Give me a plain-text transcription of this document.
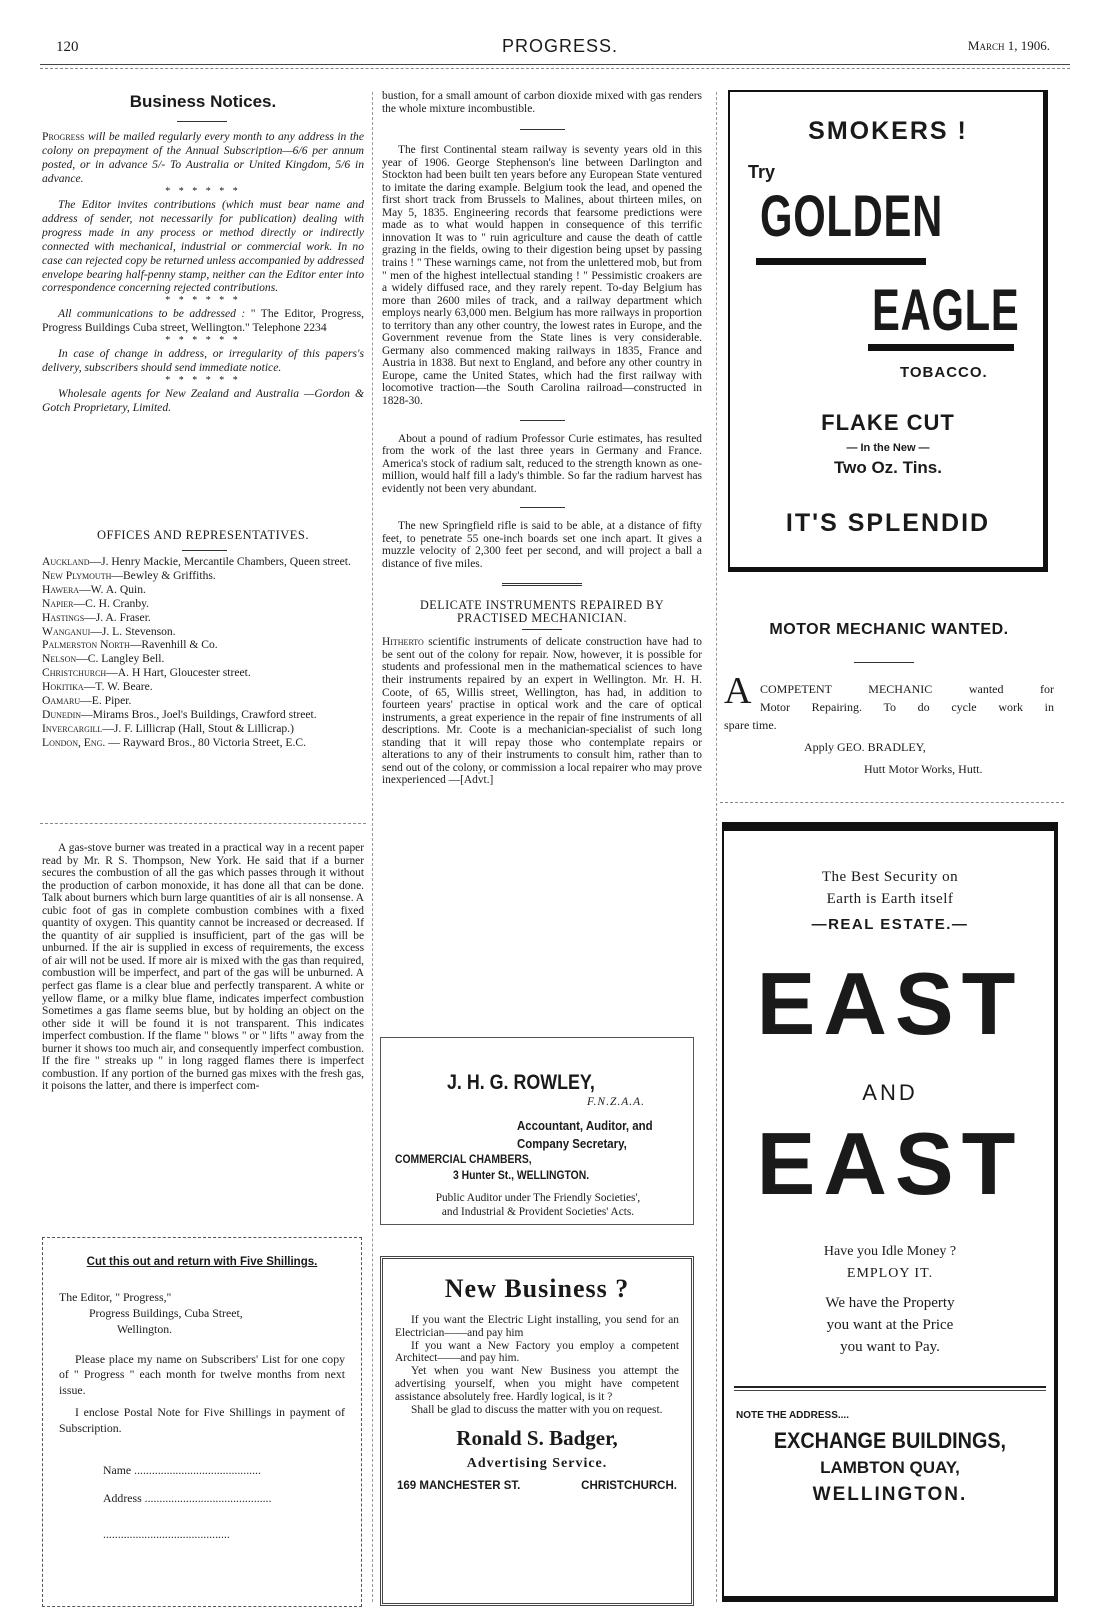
120	PROGRESS.	March 1, 1906.
Business Notices.

Progress will be mailed regularly every month to any address in the colony on prepayment of the Annual Subscription—6/6 per annum posted, or in advance 5/- To Australia or United Kingdom, 5/6 in advance.

* * * * * *

The Editor invites contributions (which must bear name and address of sender, not necessarily for publication) dealing with progress made in any process or method directly or indirectly connected with mechanical, industrial or commercial work. In no case can rejected copy be returned unless accompanied by addressed envelope bearing half-penny stamp, neither can the Editor enter into correspondence concerning rejected contributions.

* * * * * *

All communications to be addressed : " The Editor, Progress, Progress Buildings Cuba street, Wellington." Telephone 2234

* * * * * *

In case of change in address, or irregularity of this papers's delivery, subscribers should send immediate notice.

* * * * * *

Wholesale agents for New Zealand and Australia —Gordon & Gotch Proprietary, Limited.

OFFICES AND REPRESENTATIVES.
Auckland—J. Henry Mackie, Mercantile Chambers, Queen street.
New Plymouth—Bewley & Griffiths.
Hawera—W. A. Quin.
Napier—C. H. Cranby.
Hastings—J. A. Fraser.
Wanganui—J. L. Stevenson.
Palmerston North—Ravenhill & Co.
Nelson—C. Langley Bell.
Christchurch—A. H Hart, Gloucester street.
Hokitika—T. W. Beare.
Oamaru—E. Piper.
Dunedin—Mirams Bros., Joel's Buildings, Crawford street.
Invercargill—J. F. Lillicrap (Hall, Stout & Lillicrap.)
London, Eng. — Rayward Bros., 80 Victoria Street, E.C.

A gas-stove burner was treated in a practical way in a recent paper read by Mr. R S. Thompson, New York. He said that if a burner secures the combustion of all the gas which passes through it without the production of carbon monoxide, it has done all that can be done. Talk about burners which burn large quantities of air is all nonsense. A cubic foot of gas in complete combustion combines with a fixed quantity of oxygen. This quantity cannot be increased or decreased. If the quantity of air supplied is insufficient, part of the gas will be unburned. If the air is supplied in excess of requirements, the excess of air will not be used. If more air is mixed with the gas than required, combustion will be imperfect, and part of the gas will be unburned. A perfect gas flame is a clear blue and perfectly transparent. A white or yellow flame, or a milky blue flame, indicates imperfect combustion Sometimes a gas flame seems blue, but by holding an object on the other side it will be found it is not transparent. This indicates imperfect combustion. If the flame " blows " or " lifts " away from the burner it shows too much air, and consequently imperfect combustion. If the fire " streaks up " in long ragged flames there is imperfect combustion. If any portion of the burned gas mixes with the fresh gas, it poisons the latter, and there is imperfect com-

Cut this out and return with Five Shillings.
The Editor, " Progress,"
Progress Buildings, Cuba Street,
Wellington.

Please place my name on Subscribers' List for one copy of " Progress " each month for twelve months from next issue.

I enclose Postal Note for Five Shillings in payment of Subscription.

Name ...........................................
Address ...........................................
...........................................

bustion, for a small amount of carbon dioxide mixed with gas renders the whole mixture incombustible.

The first Continental steam railway is seventy years old in this year of 1906. George Stephenson's line between Darlington and Stockton had been built ten years before any European State ventured to imitate the daring example. Belgium took the lead, and opened the first short track from Brussels to Malines, about thirteen miles, on May 5, 1835. Engineering records that fearsome predictions were made as to what would happen in consequence of this terrific innovation It was to " ruin agriculture and cause the death of cattle grazing in the fields, owing to their digestion being upset by passing trains ! " These warnings came, not from the unlettered mob, but from " men of the highest intellectual standing ! " Pessimistic croakers are a widely diffused race, and they rarely repent. To-day Belgium has more than 2600 miles of track, and a railway department which employs nearly 63,000 men. Belgium has more railways in proportion to territory than any other country, the lowest rates in Europe, and the Government revenue from the State lines is very considerable. Germany also commenced making railways in 1835, France and Austria in 1838. But next to England, and before any other country in Europe, came the United States, which had the first railway with locomotive traction—the South Carolina railroad—constructed in 1828-30.

About a pound of radium Professor Curie estimates, has resulted from the work of the last three years in Germany and France. America's stock of radium salt, reduced to the strength known as one-million, would half fill a lady's thimble. So far the radium harvest has evidently not been very abundant.

The new Springfield rifle is said to be able, at a distance of fifty feet, to penetrate 55 one-inch boards set one inch apart. It gives a muzzle velocity of 2,300 feet per second, and will project a ball a distance of five miles.

DELICATE INSTRUMENTS REPAIRED BY PRACTISED MECHANICIAN.

Hitherto scientific instruments of delicate construction have had to be sent out of the colony for repair. Now, however, it is possible for students and professional men in the mathematical sciences to have their instruments repaired by an expert in Wellington. Mr. H. H. Coote, of 65, Willis street, Wellington, has had, in addition to fourteen years' practise in optical work and the care of optical instruments, a great experience in the repair of fine instruments of all descriptions. Mr. Coote is a mechanician-specialist of such long standing that it will repay those who contemplate repairs or alterations to any of their instruments to consult him, rather than to send out of the colony, or commission a local repairer who may prove inexperienced —[Advt.]

J. H. G. ROWLEY,
F.N.Z.A.A.
Accountant, Auditor, and
Company Secretary,
COMMERCIAL CHAMBERS,
3 Hunter St., WELLINGTON.
Public Auditor under The Friendly Societies',
and Industrial & Provident Societies' Acts.
New Business ?

If you want the Electric Light installing, you send for an Electrician——and pay him

If you want a New Factory you employ a competent Architect——and pay him.

Yet when you want New Business you attempt the advertising yourself, when you might have competent assistance absolutely free. Hardly logical, is it ?

Shall be glad to discuss the matter with you on request.

Ronald S. Badger,
Advertising Service.
169 MANCHESTER ST.	CHRISTCHURCH.
SMOKERS !
Try
GOLDEN
EAGLE
TOBACCO.
FLAKE CUT
— In the New —
Two Oz. Tins.
IT'S SPLENDID
MOTOR MECHANIC WANTED.
A COMPETENT MECHANIC wanted for
Motor Repairing. To do cycle work in
spare time.
Apply GEO. BRADLEY,
Hutt Motor Works, Hutt.
The Best Security on
Earth is Earth itself
—REAL ESTATE.—
EAST
AND
EAST
Have you Idle Money ?
EMPLOY IT.
We have the Property
you want at the Price
you want to Pay.
NOTE THE ADDRESS....
EXCHANGE BUILDINGS,
LAMBTON QUAY,
WELLINGTON.
